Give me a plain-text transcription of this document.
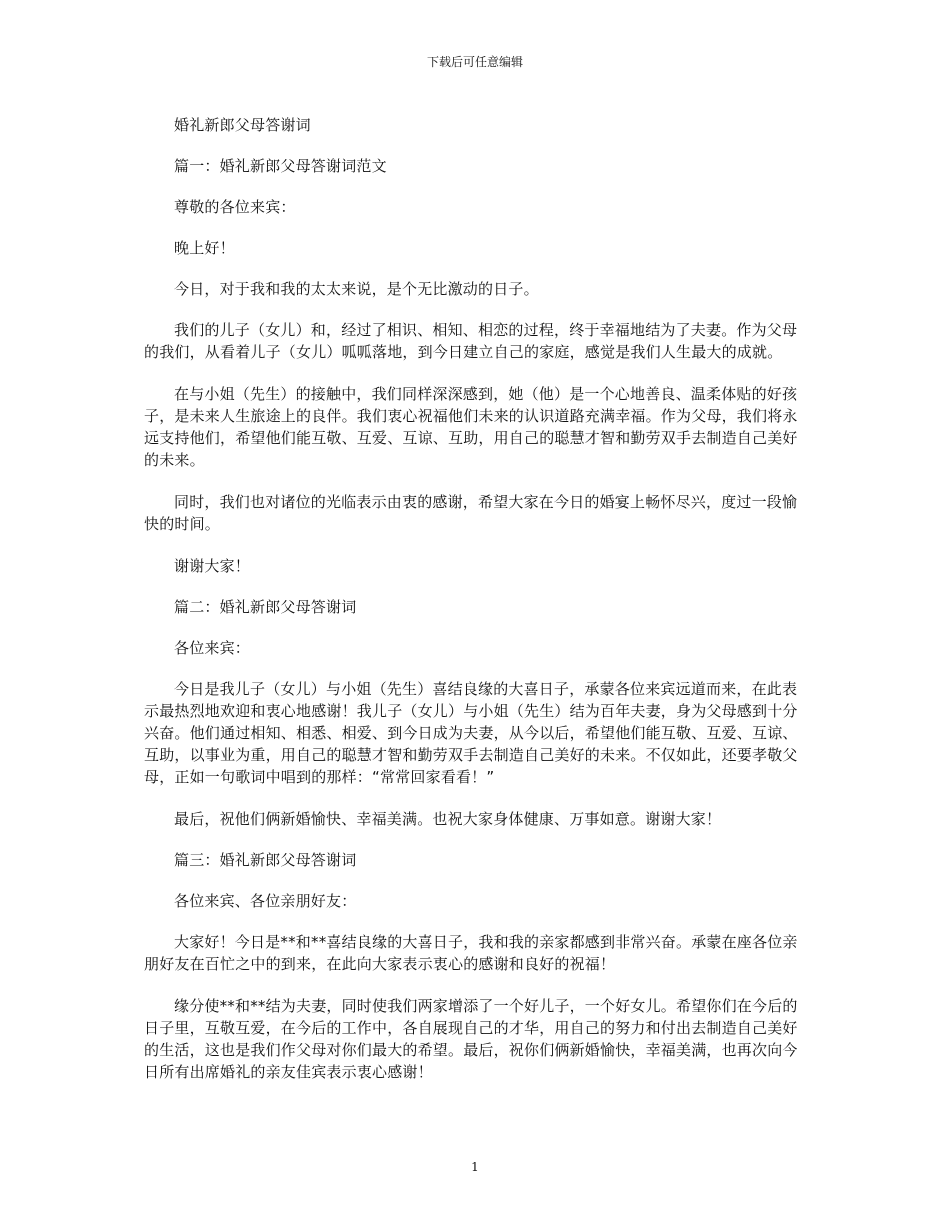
下载后可任意编辑

婚礼新郎父母答谢词

篇一：婚礼新郎父母答谢词范文

尊敬的各位来宾：

晚上好！

今日，对于我和我的太太来说，是个无比激动的日子。

我们的儿子（女儿）和，经过了相识、相知、相恋的过程，终于幸福地结为了夫妻。作为父母的我们，从看着儿子（女儿）呱呱落地，到今日建立自己的家庭，感觉是我们人生最大的成就。

在与小姐（先生）的接触中，我们同样深深感到，她（他）是一个心地善良、温柔体贴的好孩子，是未来人生旅途上的良伴。我们衷心祝福他们未来的认识道路充满幸福。作为父母，我们将永远支持他们，希望他们能互敬、互爱、互谅、互助，用自己的聪慧才智和勤劳双手去制造自己美好的未来。

同时，我们也对诸位的光临表示由衷的感谢，希望大家在今日的婚宴上畅怀尽兴，度过一段愉快的时间。

谢谢大家！

篇二：婚礼新郎父母答谢词

各位来宾：

今日是我儿子（女儿）与小姐（先生）喜结良缘的大喜日子，承蒙各位来宾远道而来，在此表示最热烈地欢迎和衷心地感谢！我儿子（女儿）与小姐（先生）结为百年夫妻，身为父母感到十分兴奋。他们通过相知、相悉、相爱、到今日成为夫妻，从今以后，希望他们能互敬、互爱、互谅、互助，以事业为重，用自己的聪慧才智和勤劳双手去制造自己美好的未来。不仅如此，还要孝敬父母，正如一句歌词中唱到的那样：“常常回家看看！”

最后，祝他们俩新婚愉快、幸福美满。也祝大家身体健康、万事如意。谢谢大家！

篇三：婚礼新郎父母答谢词

各位来宾、各位亲朋好友：

大家好！今日是**和**喜结良缘的大喜日子，我和我的亲家都感到非常兴奋。承蒙在座各位亲朋好友在百忙之中的到来，在此向大家表示衷心的感谢和良好的祝福！

缘分使**和**结为夫妻，同时使我们两家增添了一个好儿子，一个好女儿。希望你们在今后的日子里，互敬互爱，在今后的工作中，各自展现自己的才华，用自己的努力和付出去制造自己美好的生活，这也是我们作父母对你们最大的希望。最后，祝你们俩新婚愉快，幸福美满，也再次向今日所有出席婚礼的亲友佳宾表示衷心感谢！

1
